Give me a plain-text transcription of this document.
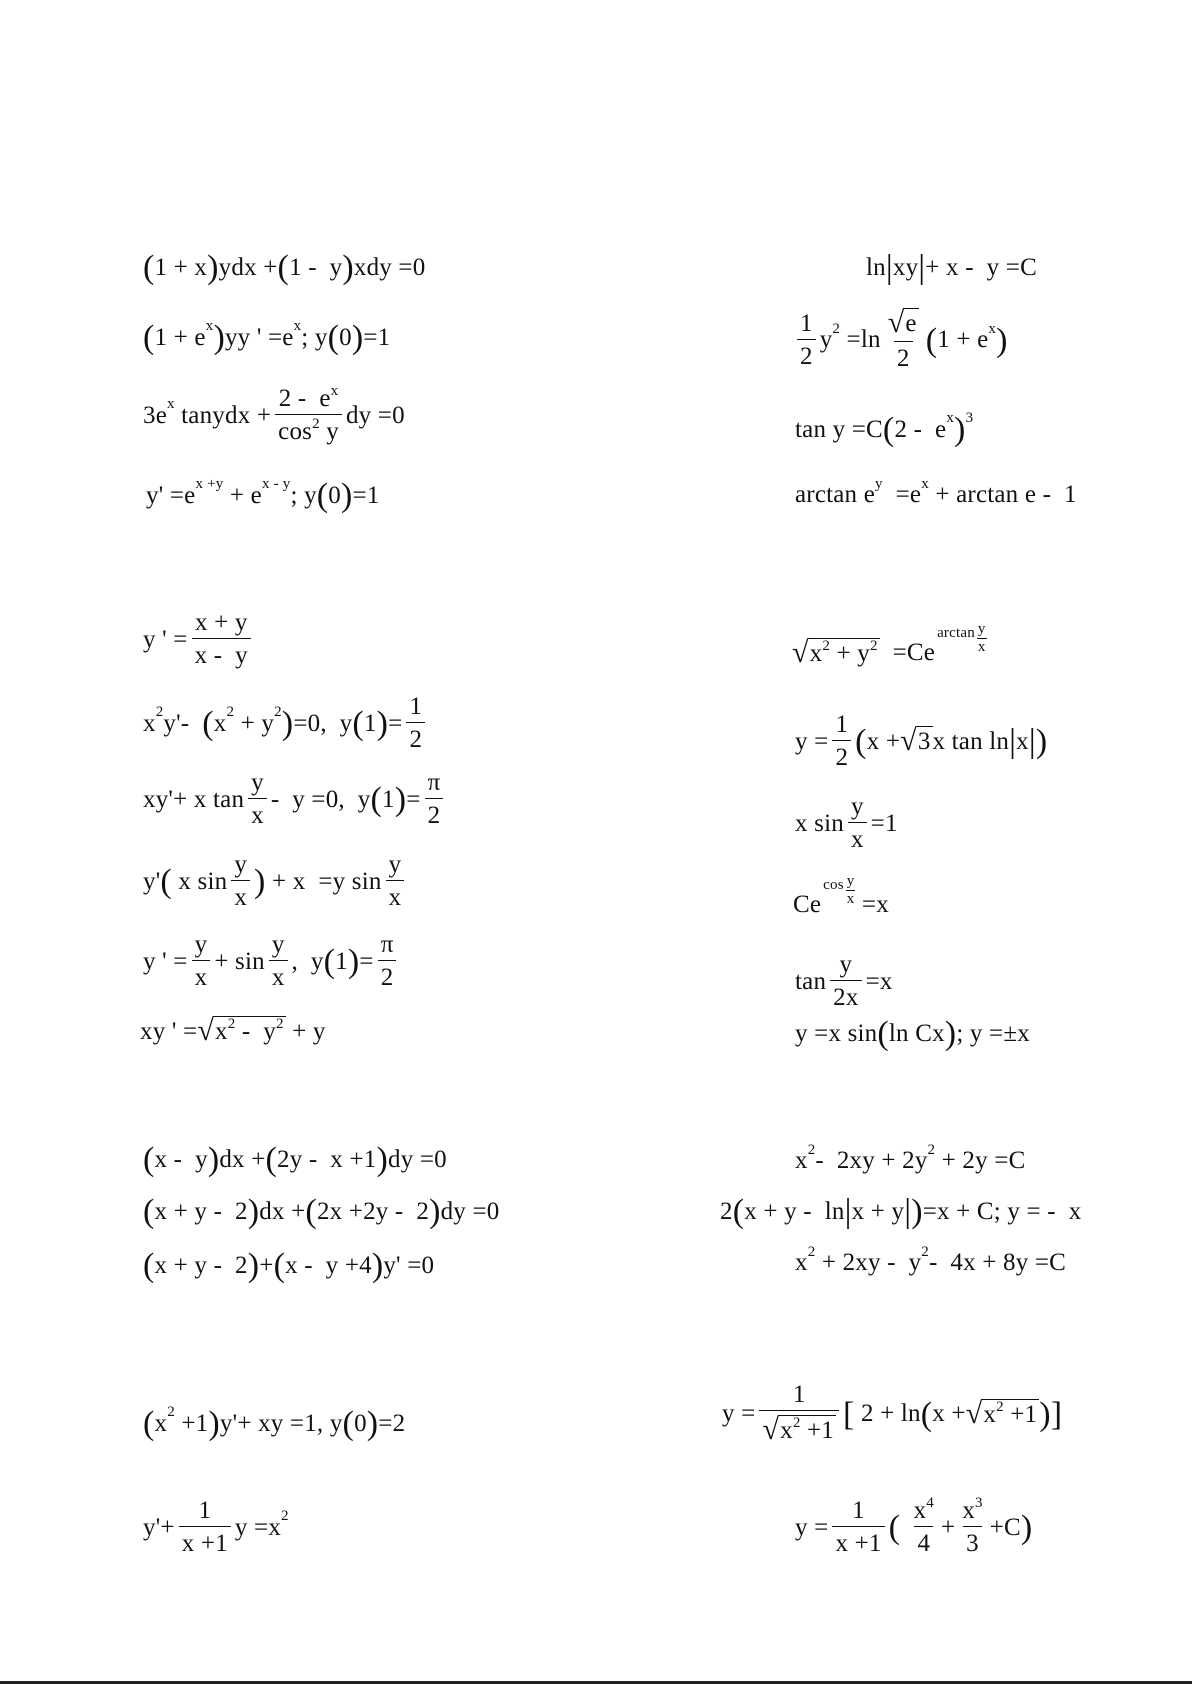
( 1 + x ) ydx + ( 1 -  y ) xdy =0
( $1 + e^x$ ) yy ' $=e^x$ ; y ( 0 ) =1
$3e^x$ tanydx + $\frac{2 - e^x}{\cos^2 y}$ dy =0
$y' =e^{x +y} + e^{x - y}$ ; y ( 0 ) =1
ln | xy | + x -  y =C
$\frac{1}{2} y^2 =\ln \frac{√ e}{2}$ ( $1 + e^x$ )
tan y =C ( $2 - e^x$ )$^3$
$\arctan e^y =e^x + \arctan e - 1$
y ' = $\frac{x + y}{x - y}$
$x^2$ y'- ( $x^2 + y^2$ ) =0,  y ( 1 ) = $\frac{1}{2}$
xy'+ x $\tan \frac{y}{x} - y =0$,  y ( 1 ) = $\frac{\pi}{2}$
y' ( x $\sin \frac{y}{x}$ ) + x  =y $\sin \frac{y}{x}$
y ' = $\frac{y}{x} + \sin \frac{y}{x}$ ,  y ( 1 ) = $\frac{\pi}{2}$
xy ' = √ $x^2 - y^2 + y$
√ $x^2 + y^2 =Ce$
arctan y
x
$y = \frac{1}{2}$ ( x + √ 3 x tan ln | x | )
x $\sin \frac{y}{x} =1$
Ce
cos y
x =x
$\tan \frac{y}{2x} =x$
y =x sin ( ln Cx ) ; y =±x
( x -  y ) dx + ( 2y -  x +1 ) dy =0
( x + y -  2 ) dx + ( 2x +2y -  2 ) dy =0
( x + y -  2 ) + ( x -  y +4 ) y' =0
$x^2 - 2xy + 2y^2 + 2y =C$
2 ( x + y -  ln | x + y | ) =x + C; y = -  x
$x^2 + 2xy - y^2 - 4x + 8y =C$
( $x^2 +1$ ) y'+ xy =1, y ( 0 ) =2
$y'+ \frac{1}{x +1}$ $y =x^2$
$y = \frac{1}{√ x^2 +1}$ [ 2 + ln ( x + √ $x^2 +1$ ) ]
$y = \frac{1}{x +1}$ (
$\frac{x^4}{4} + \frac{x^3}{3} +C$ )
